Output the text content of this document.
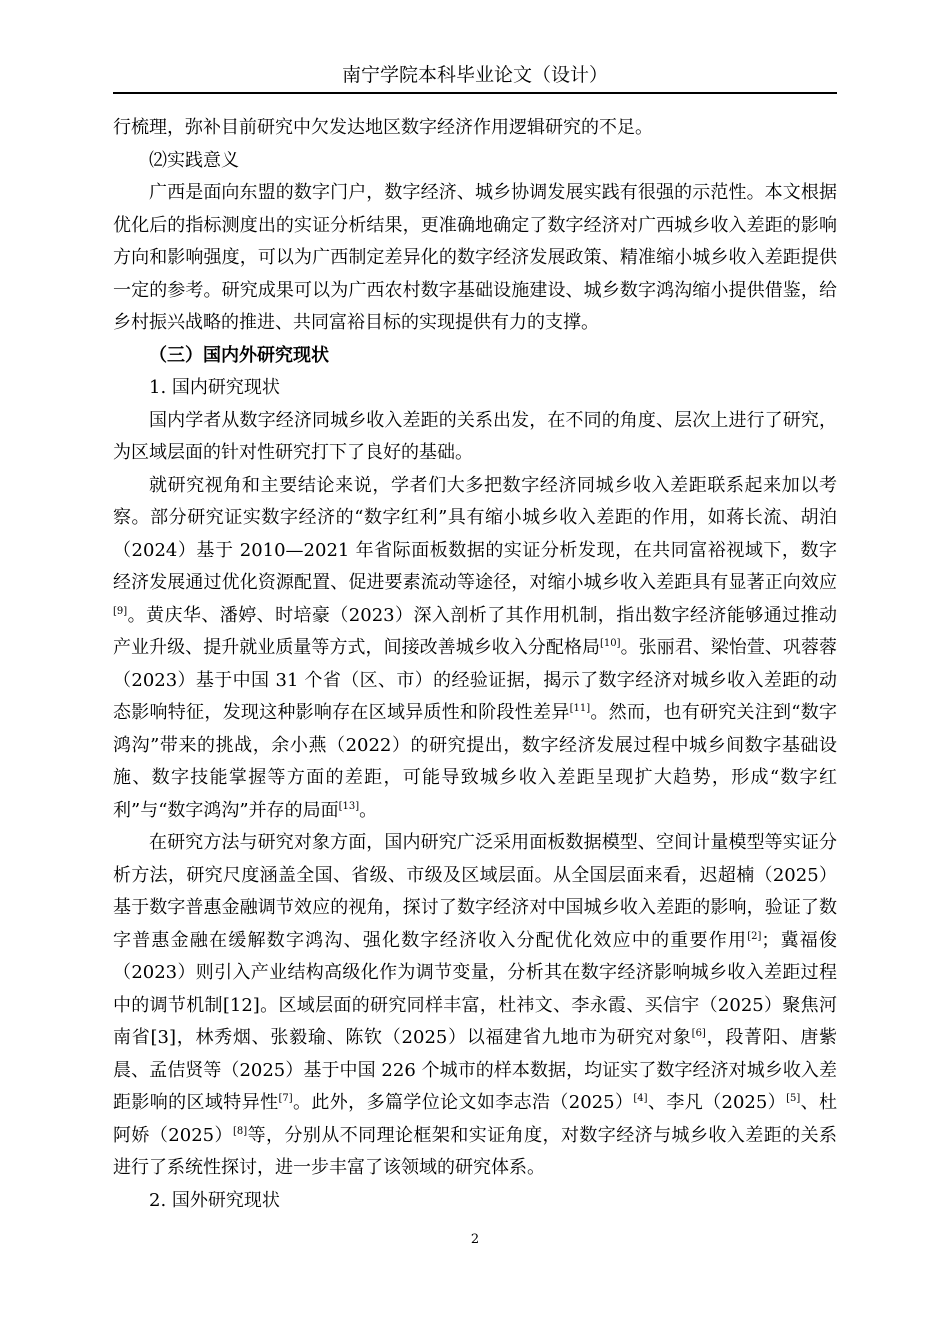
南宁学院本科毕业论文（设计）

行梳理，弥补目前研究中欠发达地区数字经济作用逻辑研究的不足。

⑵实践意义

广西是面向东盟的数字门户，数字经济、城乡协调发展实践有很强的示范性。本文根据优化后的指标测度出的实证分析结果，更准确地确定了数字经济对广西城乡收入差距的影响方向和影响强度，可以为广西制定差异化的数字经济发展政策、精准缩小城乡收入差距提供一定的参考。研究成果可以为广西农村数字基础设施建设、城乡数字鸿沟缩小提供借鉴，给乡村振兴战略的推进、共同富裕目标的实现提供有力的支撑。

（三）国内外研究现状

1. 国内研究现状

国内学者从数字经济同城乡收入差距的关系出发，在不同的角度、层次上进行了研究，为区域层面的针对性研究打下了良好的基础。

就研究视角和主要结论来说，学者们大多把数字经济同城乡收入差距联系起来加以考察。部分研究证实数字经济的“数字红利”具有缩小城乡收入差距的作用，如蒋长流、胡泊（2024）基于 2010—2021 年省际面板数据的实证分析发现，在共同富裕视域下，数字经济发展通过优化资源配置、促进要素流动等途径，对缩小城乡收入差距具有显著正向效应[9]。黄庆华、潘婷、时培豪（2023）深入剖析了其作用机制，指出数字经济能够通过推动产业升级、提升就业质量等方式，间接改善城乡收入分配格局[10]。张丽君、梁怡萱、巩蓉蓉（2023）基于中国 31 个省（区、市）的经验证据，揭示了数字经济对城乡收入差距的动态影响特征，发现这种影响存在区域异质性和阶段性差异[11]。然而，也有研究关注到“数字鸿沟”带来的挑战，余小燕（2022）的研究提出，数字经济发展过程中城乡间数字基础设施、数字技能掌握等方面的差距，可能导致城乡收入差距呈现扩大趋势，形成“数字红利”与“数字鸿沟”并存的局面[13]。

在研究方法与研究对象方面，国内研究广泛采用面板数据模型、空间计量模型等实证分析方法，研究尺度涵盖全国、省级、市级及区域层面。从全国层面来看，迟超楠（2025）基于数字普惠金融调节效应的视角，探讨了数字经济对中国城乡收入差距的影响，验证了数字普惠金融在缓解数字鸿沟、强化数字经济收入分配优化效应中的重要作用[2]；冀福俊（2023）则引入产业结构高级化作为调节变量，分析其在数字经济影响城乡收入差距过程中的调节机制[12]。区域层面的研究同样丰富，杜祎文、李永霞、买信宇（2025）聚焦河南省[3]，林秀烟、张毅瑜、陈钦（2025）以福建省九地市为研究对象[6]，段菁阳、唐紫晨、孟佶贤等（2025）基于中国 226 个城市的样本数据，均证实了数字经济对城乡收入差距影响的区域特异性[7]。此外，多篇学位论文如李志浩（2025）[4]、李凡（2025）[5]、杜阿娇（2025）[8]等，分别从不同理论框架和实证角度，对数字经济与城乡收入差距的关系进行了系统性探讨，进一步丰富了该领域的研究体系。

2. 国外研究现状

2
